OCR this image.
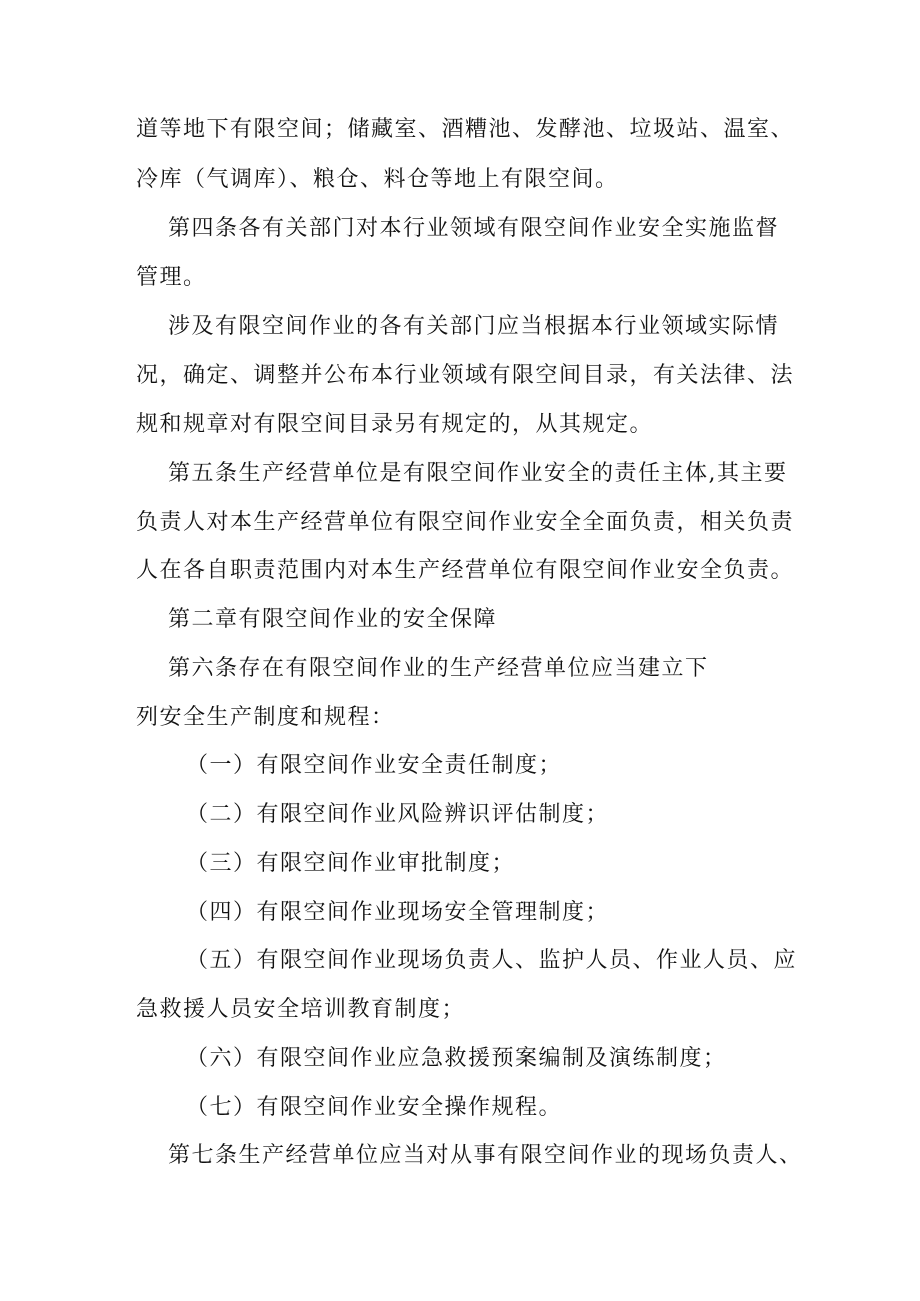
道等地下有限空间；储藏室、酒糟池、发酵池、垃圾站、温室、
冷库（气调库）、粮仓、料仓等地上有限空间。
第四条各有关部门对本行业领域有限空间作业安全实施监督
管理。
涉及有限空间作业的各有关部门应当根据本行业领域实际情
况，确定、调整并公布本行业领域有限空间目录，有关法律、法
规和规章对有限空间目录另有规定的，从其规定。
第五条生产经营单位是有限空间作业安全的责任主体,其主要
负责人对本生产经营单位有限空间作业安全全面负责，相关负责
人在各自职责范围内对本生产经营单位有限空间作业安全负责。
第二章有限空间作业的安全保障
第六条存在有限空间作业的生产经营单位应当建立下
列安全生产制度和规程：
（一）有限空间作业安全责任制度；
（二）有限空间作业风险辨识评估制度；
（三）有限空间作业审批制度；
（四）有限空间作业现场安全管理制度；
（五）有限空间作业现场负责人、监护人员、作业人员、应
急救援人员安全培训教育制度；
（六）有限空间作业应急救援预案编制及演练制度；
（七）有限空间作业安全操作规程。
第七条生产经营单位应当对从事有限空间作业的现场负责人、
